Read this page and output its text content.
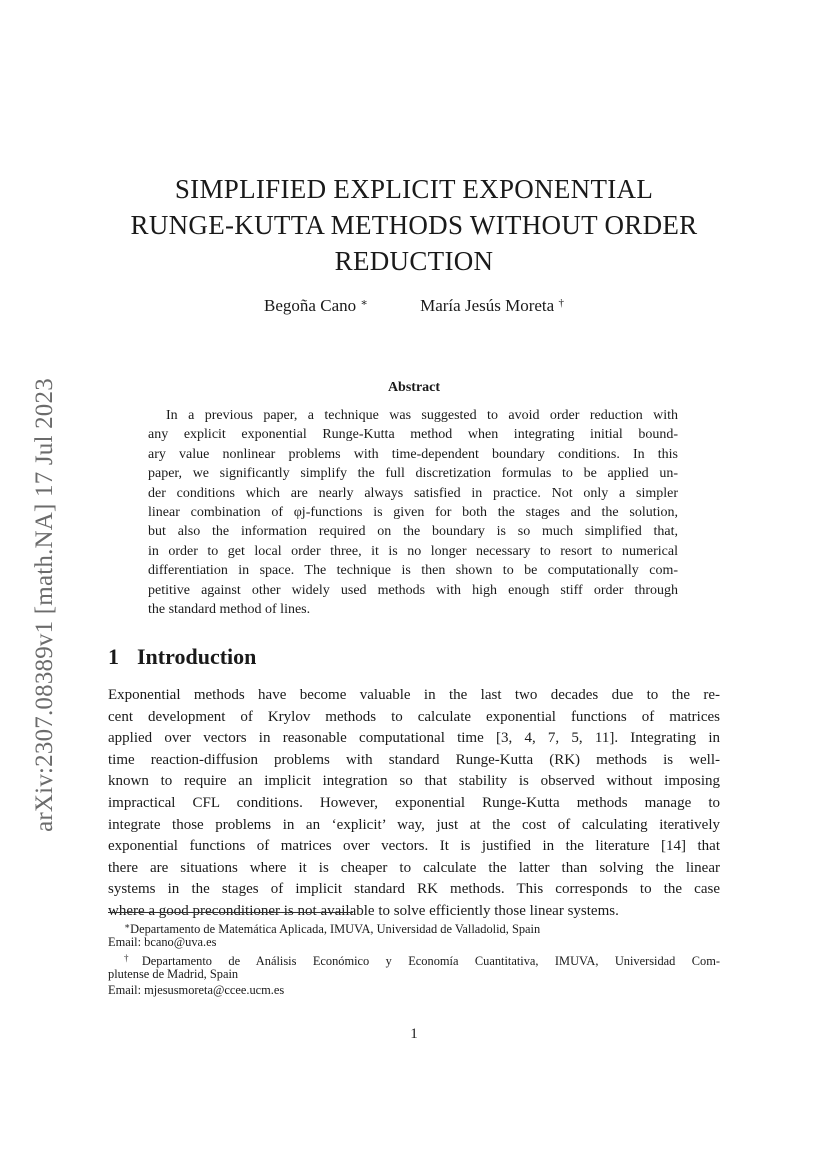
arXiv:2307.08389v1 [math.NA] 17 Jul 2023
SIMPLIFIED EXPLICIT EXPONENTIAL
RUNGE-KUTTA METHODS WITHOUT ORDER
REDUCTION
Begoña Cano ∗	María Jesús Moreta †
Abstract
In a previous paper, a technique was suggested to avoid order reduction with
any explicit exponential Runge-Kutta method when integrating initial bound-
ary value nonlinear problems with time-dependent boundary conditions. In this
paper, we significantly simplify the full discretization formulas to be applied un-
der conditions which are nearly always satisfied in practice. Not only a simpler
linear combination of φj-functions is given for both the stages and the solution,
but also the information required on the boundary is so much simplified that,
in order to get local order three, it is no longer necessary to resort to numerical
differentiation in space. The technique is then shown to be computationally com-
petitive against other widely used methods with high enough stiff order through
the standard method of lines.
1 Introduction
Exponential methods have become valuable in the last two decades due to the re-
cent development of Krylov methods to calculate exponential functions of matrices
applied over vectors in reasonable computational time [3, 4, 7, 5, 11]. Integrating in
time reaction-diffusion problems with standard Runge-Kutta (RK) methods is well-
known to require an implicit integration so that stability is observed without imposing
impractical CFL conditions. However, exponential Runge-Kutta methods manage to
integrate those problems in an ‘explicit’ way, just at the cost of calculating iteratively
exponential functions of matrices over vectors. It is justified in the literature [14] that
there are situations where it is cheaper to calculate the latter than solving the linear
systems in the stages of implicit standard RK methods. This corresponds to the case
where a good preconditioner is not available to solve efficiently those linear systems.
∗Departamento de Matemática Aplicada, IMUVA, Universidad de Valladolid, Spain
Email: bcano@uva.es
†Departamento de Análisis Económico y Economía Cuantitativa, IMUVA, Universidad Com-
plutense de Madrid, Spain
Email: mjesusmoreta@ccee.ucm.es
1
